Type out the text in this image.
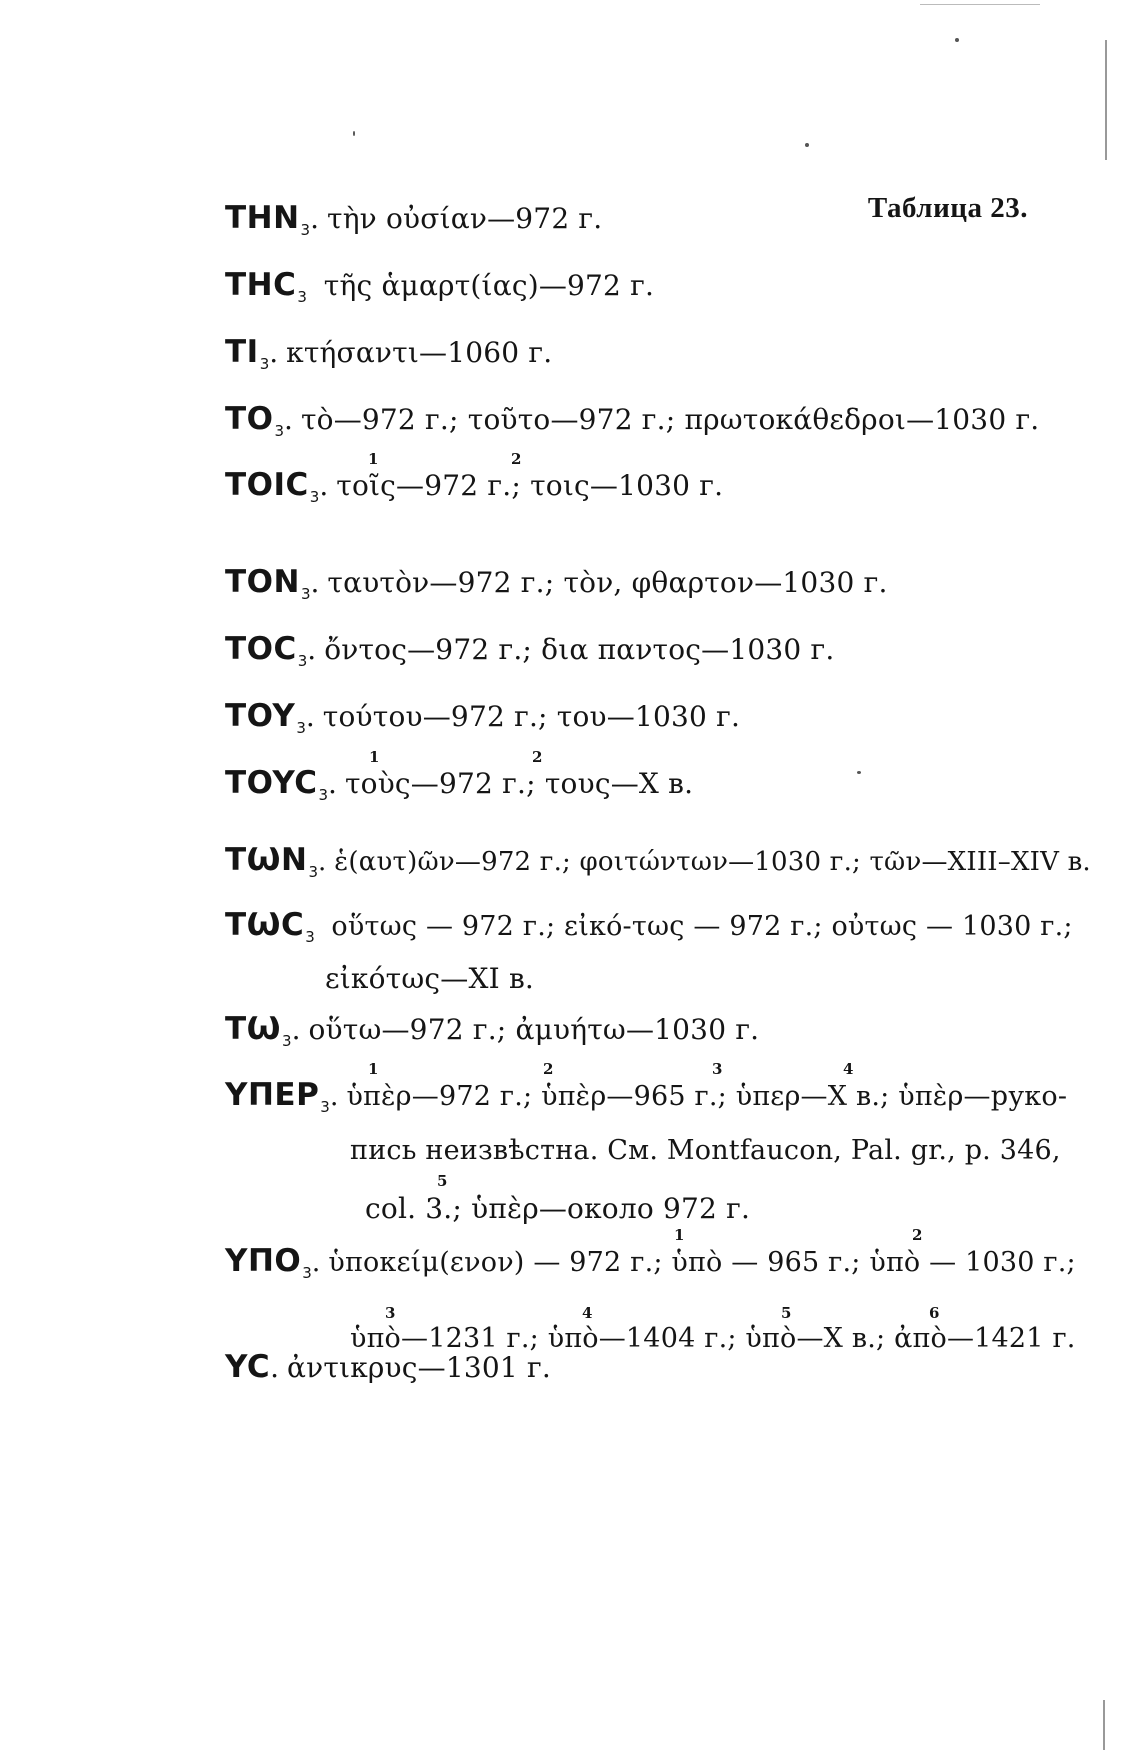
Таблица 23.
$THN_3$. τὴν οὐσίαν—972 г.
$THC_3$ τῆς ἁμαρτ(ίας)—972 г.
$TI_3$. κτήσαντι—1060 г.
$TO_3$. τὸ—972 г.; τοῦτο—972 г.; πρωτοκάθεδροι—1030 г.
1	2
$TOIC_3$. τοῖς—972 г.; τοις—1030 г.
$TON_3$. ταυτὸν—972 г.; τὸν, φθαρτον—1030 г.
$TOC_3$. ὄντος—972 г.; δια παντος—1030 г.
$TOY_3$. τούτου—972 г.; του—1030 г.
1	2
$TOYC_3$. τοὺς—972 г.; τους—X в.
$TѠN_3$. ἑ(αυτ)ῶν—972 г.; φοιτώντων—1030 г.; τῶν—XIII–XIV в.
$TѠC_3$ οὕτως — 972 г.; εἰκό-τως — 972 г.; οὐτως — 1030 г.;
εἰκότως—XI в.
$TѠ_3$. οὕτω—972 г.; ἀμυήτω—1030 г.
1	2	3	4
$Y\Pi EP_3$. ὑπὲρ—972 г.; ὑπὲρ—965 г.; ὑπερ—X в.; ὑπὲρ—руко-
пись неизвѣстна. См. Montfaucon, Pal. gr., p. 346,
5
col. 3.; ὑπὲρ—около 972 г.
1	2
$Y\Pi O_3$. ὑποκείμ(ενον) — 972 г.; ὑπὸ — 965 г.; ὑπὸ — 1030 г.;
3	4	5	6
ὑπὸ—1231 г.; ὑπὸ—1404 г.; ὑπὸ—X в.; ἀπὸ—1421 г.
YC. ἀντικρυς—1301 г.
